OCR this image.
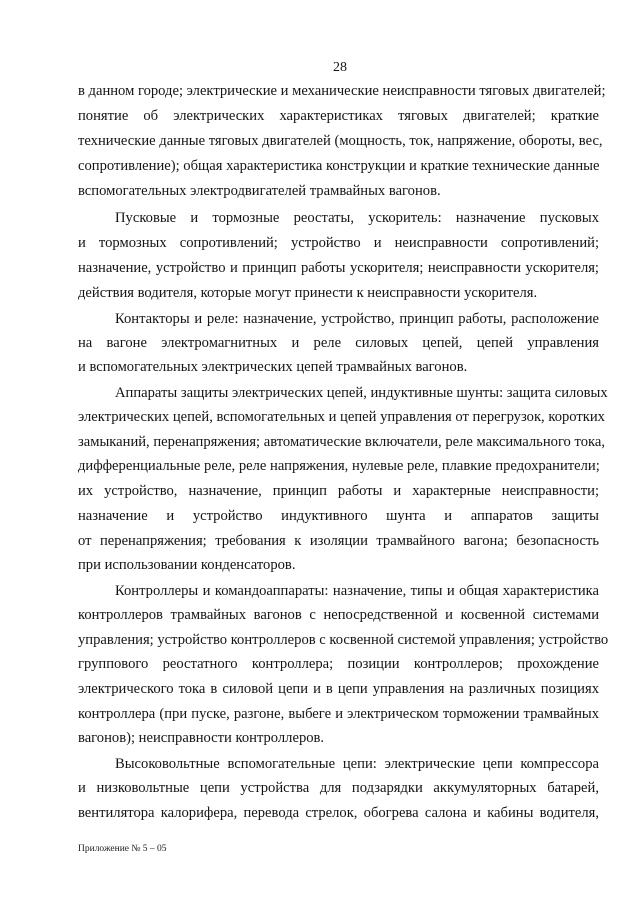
28
в данном городе; электрические и механические неисправности тяговых двигателей;
понятие об электрических характеристиках тяговых двигателей; краткие
технические данные тяговых двигателей (мощность, ток, напряжение, обороты, вес,
сопротивление); общая характеристика конструкции и краткие технические данные
вспомогательных электродвигателей трамвайных вагонов.
Пусковые и тормозные реостаты, ускоритель: назначение пусковых
и тормозных сопротивлений; устройство и неисправности сопротивлений;
назначение, устройство и принцип работы ускорителя; неисправности ускорителя;
действия водителя, которые могут принести к неисправности ускорителя.
Контакторы и реле: назначение, устройство, принцип работы, расположение
на вагоне электромагнитных и реле силовых цепей, цепей управления
и вспомогательных электрических цепей трамвайных вагонов.
Аппараты защиты электрических цепей, индуктивные шунты: защита силовых
электрических цепей, вспомогательных и цепей управления от перегрузок, коротких
замыканий, перенапряжения; автоматические включатели, реле максимального тока,
дифференциальные реле, реле напряжения, нулевые реле, плавкие предохранители;
их устройство, назначение, принцип работы и характерные неисправности;
назначение и устройство индуктивного шунта и аппаратов защиты
от перенапряжения; требования к изоляции трамвайного вагона; безопасность
при использовании конденсаторов.
Контроллеры и командоаппараты: назначение, типы и общая характеристика
контроллеров трамвайных вагонов с непосредственной и косвенной системами
управления; устройство контроллеров с косвенной системой управления; устройство
группового реостатного контроллера; позиции контроллеров; прохождение
электрического тока в силовой цепи и в цепи управления на различных позициях
контроллера (при пуске, разгоне, выбеге и электрическом торможении трамвайных
вагонов); неисправности контроллеров.
Высоковольтные вспомогательные цепи: электрические цепи компрессора
и низковольтные цепи устройства для подзарядки аккумуляторных батарей,
вентилятора калорифера, перевода стрелок, обогрева салона и кабины водителя,
Приложение № 5 – 05
